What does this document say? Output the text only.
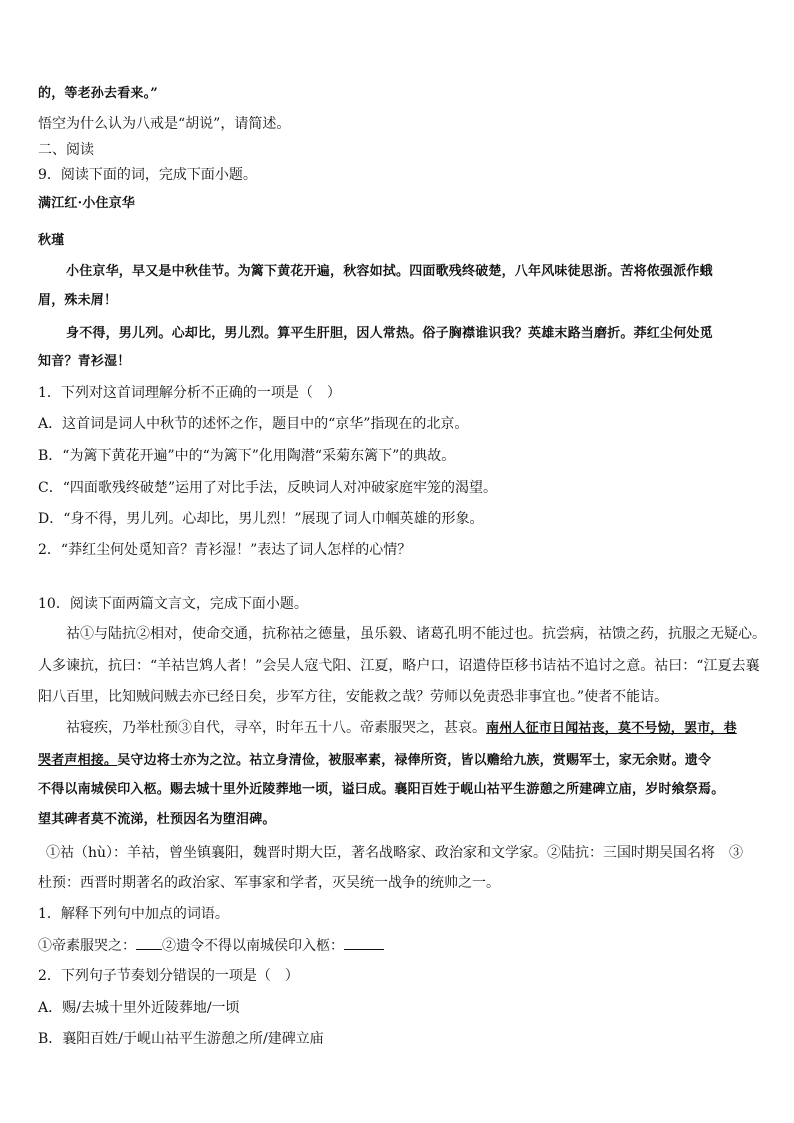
的，等老孙去看来。”
悟空为什么认为八戒是“胡说”，请简述。
二、阅读
9．阅读下面的词，完成下面小题。
满江红·小住京华
秋瑾
小住京华，早又是中秋佳节。为篱下黄花开遍，秋容如拭。四面歌残终破楚，八年风味徒思浙。苦将侬强派作蛾
眉，殊未屑！
身不得，男儿列。心却比，男儿烈。算平生肝胆，因人常热。俗子胸襟谁识我？英雄末路当磨折。莽红尘何处觅
知音？青衫湿！
1．下列对这首词理解分析不正确的一项是（　）
A．这首词是词人中秋节的述怀之作，题目中的“京华”指现在的北京。
B．“为篱下黄花开遍”中的“为篱下”化用陶潜“采菊东篱下”的典故。
C．“四面歌残终破楚”运用了对比手法，反映词人对冲破家庭牢笼的渴望。
D．“身不得，男儿列。心却比，男儿烈！”展现了词人巾帼英雄的形象。
2．“莽红尘何处觅知音？青衫湿！”表达了词人怎样的心情？
10．阅读下面两篇文言文，完成下面小题。
祜①与陆抗②相对，使命交通，抗称祜之德量，虽乐毅、诸葛孔明不能过也。抗尝病，祜馈之药，抗服之无疑心。
人多谏抗，抗曰：“羊祜岂鸩人者！”会吴人寇弋阳、江夏，略户口，诏遣侍臣移书诘祜不追讨之意。祜曰：“江夏去襄
阳八百里，比知贼问贼去亦已经日矣，步军方往，安能救之哉？劳师以免责恐非事宜也。”使者不能诘。
祜寝疾，乃举杜预③自代，寻卒，时年五十八。帝素服哭之，甚哀。南州人征市日闻祜丧，莫不号恸，罢市，巷
哭者声相接。吴守边将士亦为之泣。祜立身清俭，被服率素，禄俸所资，皆以赡给九族，赏赐军士，家无余财。遗令
不得以南城侯印入柩。赐去城十里外近陵葬地一顷，谥曰成。襄阳百姓于岘山祜平生游憩之所建碑立庙，岁时飨祭焉。
望其碑者莫不流涕，杜预因名为堕泪碑。
①祜（hù）：羊祜，曾坐镇襄阳，魏晋时期大臣，著名战略家、政治家和文学家。②陆抗：三国时期吴国名将　③
杜预：西晋时期著名的政治家、军事家和学者，灭吴统一战争的统帅之一。
1．解释下列句中加点的词语。
①帝素服哭之： ②遗令不得以南城侯印入柩：
2．下列句子节奏划分错误的一项是（　）
A．赐/去城十里外近陵葬地/一顷
B．襄阳百姓/于岘山祜平生游憩之所/建碑立庙
